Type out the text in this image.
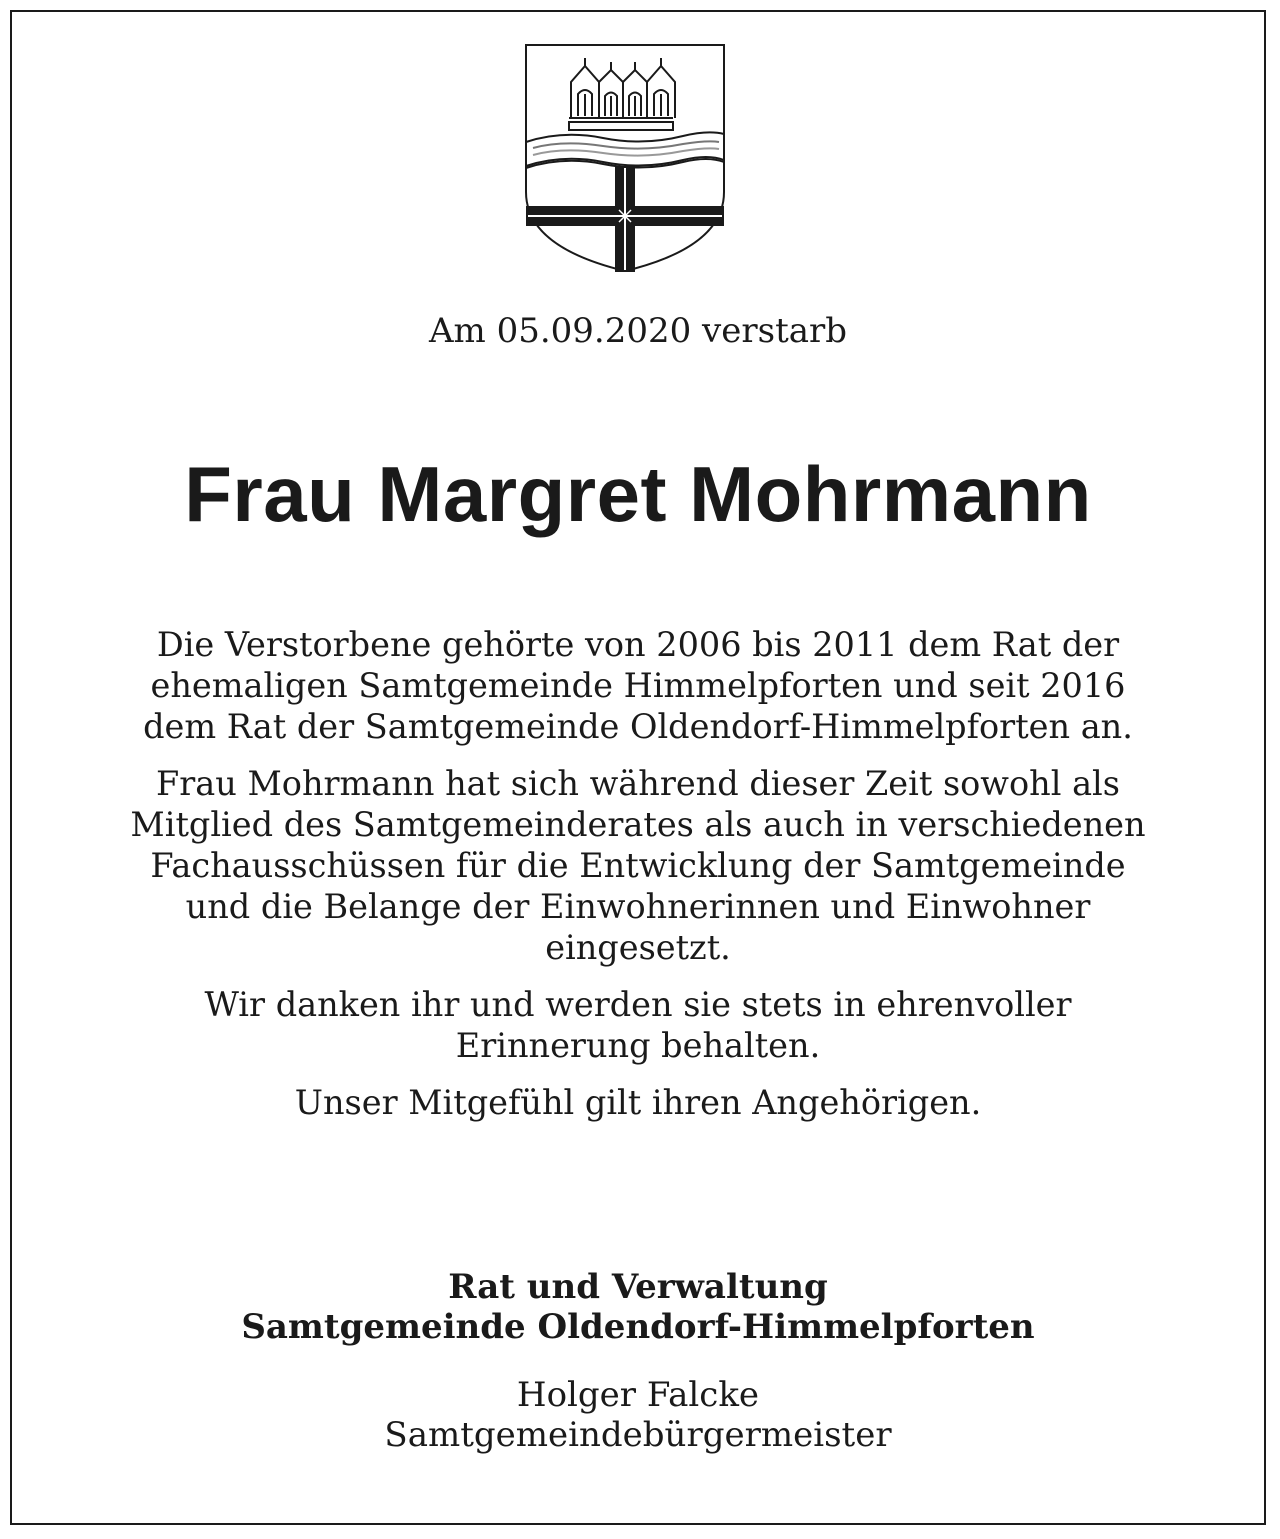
Am 05.09.2020 verstarb
Frau Margret Mohrmann

Die Verstorbene gehörte von 2006 bis 2011 dem Rat der
ehemaligen Samtgemeinde Himmelpforten und seit 2016
dem Rat der Samtgemeinde Oldendorf-Himmelpforten an.

Frau Mohrmann hat sich während dieser Zeit sowohl als
Mitglied des Samtgemeinderates als auch in verschiedenen
Fachausschüssen für die Entwicklung der Samtgemeinde
und die Belange der Einwohnerinnen und Einwohner
eingesetzt.

Wir danken ihr und werden sie stets in ehrenvoller
Erinnerung behalten.

Unser Mitgefühl gilt ihren Angehörigen.

Rat und Verwaltung
Samtgemeinde Oldendorf-Himmelpforten
Holger Falcke
Samtgemeindebürgermeister
